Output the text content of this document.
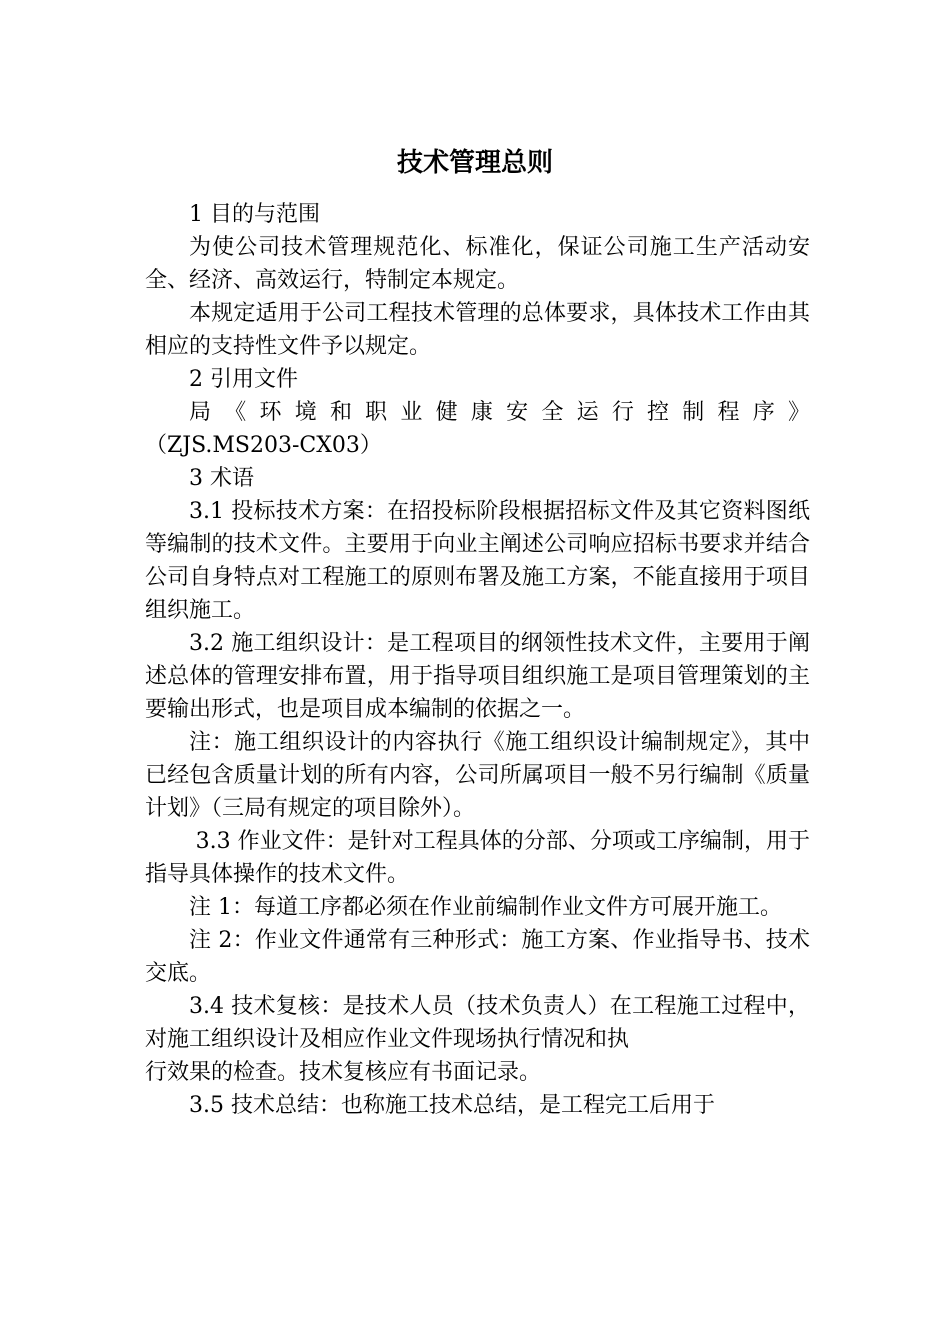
技术管理总则

1 目的与范围

为使公司技术管理规范化、标准化，保证公司施工生产活动安全、经济、高效运行，特制定本规定。

本规定适用于公司工程技术管理的总体要求，具体技术工作由其相应的支持性文件予以规定。

2 引用文件

局《环境和职业健康安全运行控制程序》

（ZJS.MS203-CX03）

3 术语

3.1 投标技术方案：在招投标阶段根据招标文件及其它资料图纸等编制的技术文件。主要用于向业主阐述公司响应招标书要求并结合公司自身特点对工程施工的原则布署及施工方案，不能直接用于项目组织施工。

3.2 施工组织设计：是工程项目的纲领性技术文件，主要用于阐述总体的管理安排布置，用于指导项目组织施工是项目管理策划的主要输出形式，也是项目成本编制的依据之一。

注：施工组织设计的内容执行《施工组织设计编制规定》，其中已经包含质量计划的所有内容，公司所属项目一般不另行编制《质量计划》（三局有规定的项目除外）。

3.3 作业文件：是针对工程具体的分部、分项或工序编制，用于指导具体操作的技术文件。

注 1：每道工序都必须在作业前编制作业文件方可展开施工。

注 2：作业文件通常有三种形式：施工方案、作业指导书、技术交底。

3.4 技术复核：是技术人员（技术负责人）在工程施工过程中，对施工组织设计及相应作业文件现场执行情况和执

行效果的检查。技术复核应有书面记录。

3.5 技术总结：也称施工技术总结，是工程完工后用于
